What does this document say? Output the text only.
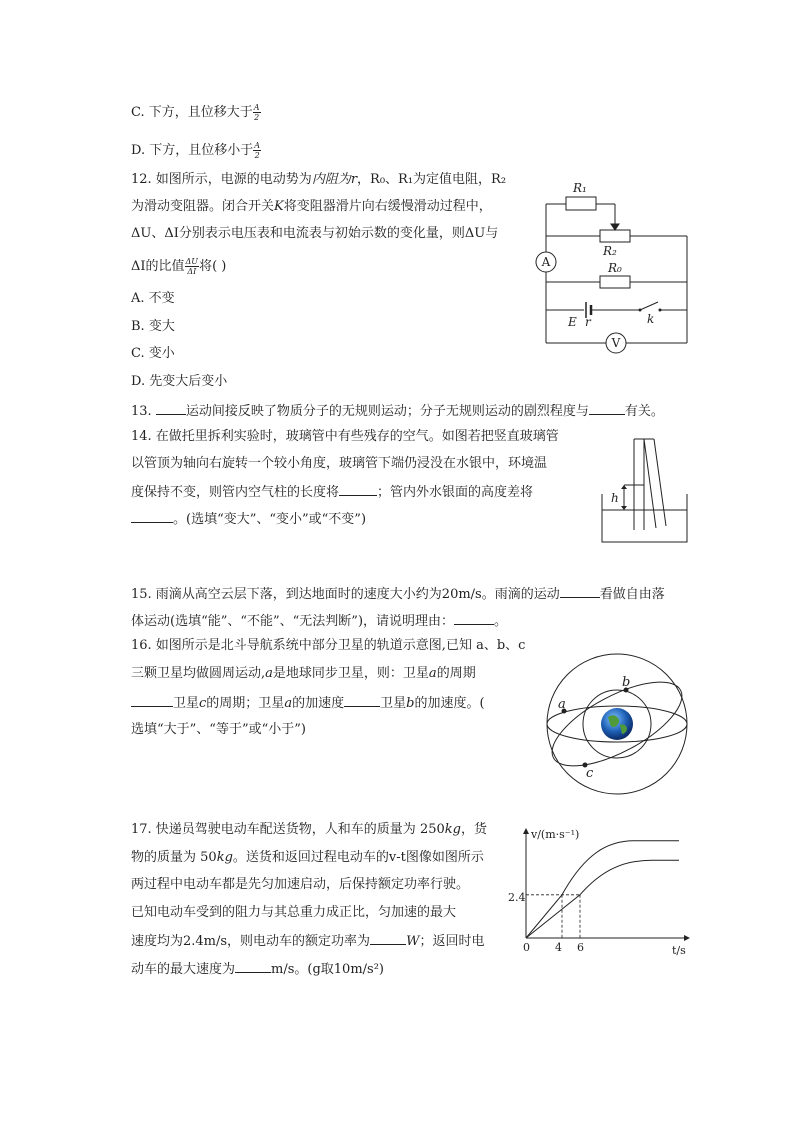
C. 下方，且位移大于 $\frac{A}{2}$
D. 下方，且位移小于 $\frac{A}{2}$
12. 如图所示，电源的电动势为内阻为r，R₀、R₁为定值电阻，R₂
为滑动变阻器。闭合开关K将变阻器滑片向右缓慢滑动过程中，
ΔU、ΔI分别表示电压表和电流表与初始示数的变化量，则ΔU与
ΔI的比值 $\frac{\Delta U}{\Delta I}$ 将( )
A. 不变
B. 变大
C. 变小
D. 先变大后变小
R₁
R₂
R₀
E r	k
A
V
13. 运动间接反映了物质分子的无规则运动；分子无规则运动的剧烈程度与	有关。
14. 在做托里拆利实验时，玻璃管中有些残存的空气。如图若把竖直玻璃管
以管顶为轴向右旋转一个较小角度，玻璃管下端仍浸没在水银中，环境温
度保持不变，则管内空气柱的长度将	；管内外水银面的高度差将
。(选填“变大”、“变小”或“不变”)
h
15. 雨滴从高空云层下落，到达地面时的速度大小约为20m/s。雨滴的运动	看做自由落
体运动(选填“能”、“不能”、“无法判断”)，请说明理由：	。
16. 如图所示是北斗导航系统中部分卫星的轨道示意图,已知 a、b、c
三颗卫星均做圆周运动,a是地球同步卫星，则：卫星a的周期
卫星c的周期；卫星a的加速度	卫星b的加速度。(
选填“大于”、“等于”或“小于”)
a
b
c
17. 快递员驾驶电动车配送货物，人和车的质量为 250kg，货
物的质量为 50kg。送货和返回过程电动车的v-t图像如图所示
两过程中电动车都是先匀加速启动，后保持额定功率行驶。
已知电动车受到的阻力与其总重力成正比，匀加速的最大
速度均为2.4m/s，则电动车的额定功率为	W；返回时电
动车的最大速度为	m/s。(g取10m/s²)
v/(m·s⁻¹)
t/s
2.4
0 4 6
